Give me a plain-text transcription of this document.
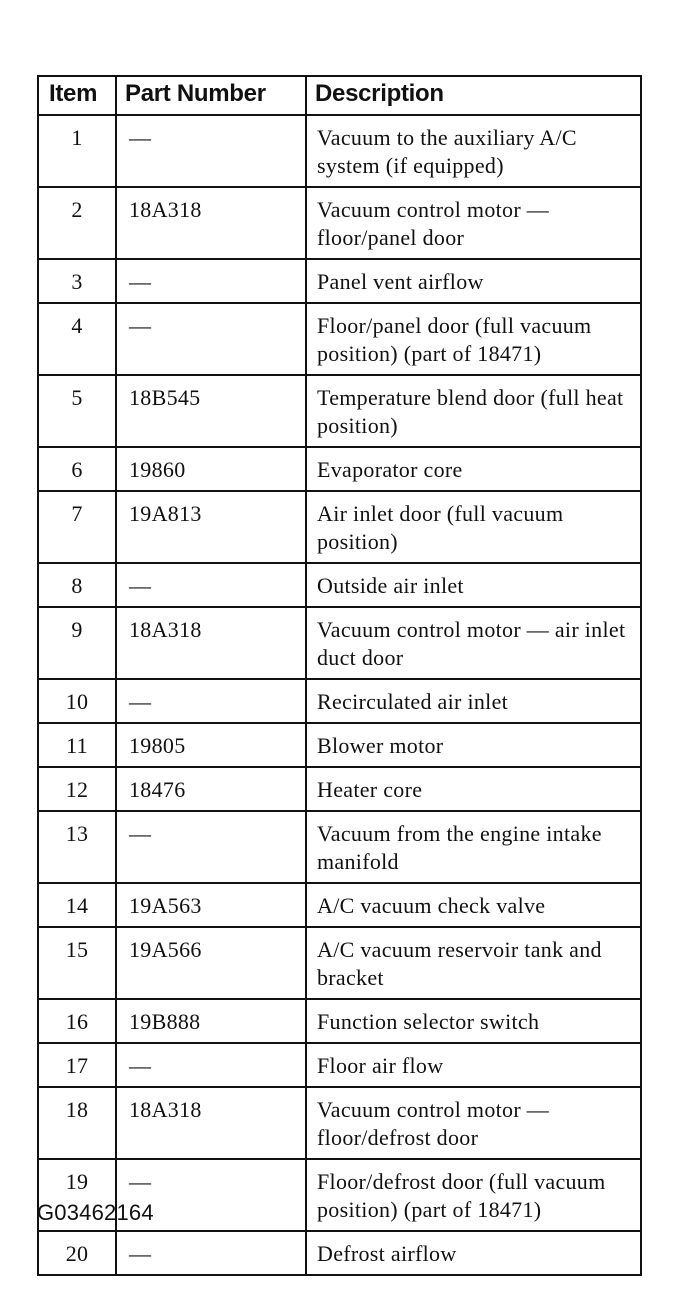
Item	Part Number	Description
1	—	Vacuum to the auxiliary A/C system (if equipped)
2	18A318	Vacuum control motor — floor/panel door
3	—	Panel vent airflow
4	—	Floor/panel door (full vacuum position) (part of 18471)
5	18B545	Temperature blend door (full heat position)
6	19860	Evaporator core
7	19A813	Air inlet door (full vacuum position)
8	—	Outside air inlet
9	18A318	Vacuum control motor — air inlet duct door
10	—	Recirculated air inlet
11	19805	Blower motor
12	18476	Heater core
13	—	Vacuum from the engine intake manifold
14	19A563	A/C vacuum check valve
15	19A566	A/C vacuum reservoir tank and bracket
16	19B888	Function selector switch
17	—	Floor air flow
18	18A318	Vacuum control motor — floor/defrost door
19	—	Floor/defrost door (full vacuum position) (part of 18471)
20	—	Defrost airflow
G03462164
